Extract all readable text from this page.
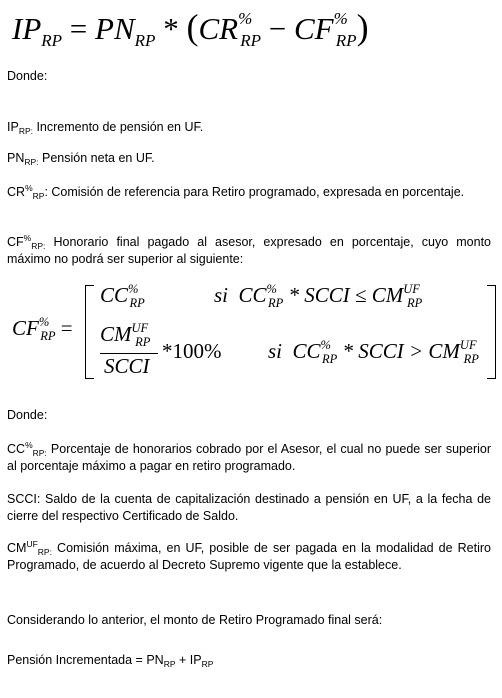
$IP_{RP} = PN_{RP} * (CR^{\%}_{RP} - CF^{\%}_{RP})$
Donde:
$IP_{RP:}$ Incremento de pensión en UF.
$PN_{RP:}$ Pensión neta en UF.
$CR^{\%}_{RP}$: Comisión de referencia para Retiro programado, expresada en porcentaje.
$CF^{\%}_{RP:}$ Honorario final pagado al asesor, expresado en porcentaje, cuyo monto máximo no podrá ser superior al siguiente:
$CF^{\%}_{RP}$ =
$CC^{\%}_{RP}$	si $CC^{\%}_{RP}$ * SCCI ≤ $CM^{UF}_{RP}$
$CM^{UF}_{RP}$
SCCI
*100% si $CC^{\%}_{RP}$ * SCCI > $CM^{UF}_{RP}$
Donde:
$CC^{\%}_{RP:}$ Porcentaje de honorarios cobrado por el Asesor, el cual no puede ser superior al porcentaje máximo a pagar en retiro programado.
SCCI: Saldo de la cuenta de capitalización destinado a pensión en UF, a la fecha de cierre del respectivo Certificado de Saldo.
$CM^{UF}_{RP:}$ Comisión máxima, en UF, posible de ser pagada en la modalidad de Retiro Programado, de acuerdo al Decreto Supremo vigente que la establece.
Considerando lo anterior, el monto de Retiro Programado final será:
Pensión Incrementada = $PN_{RP} + IP_{RP}$
